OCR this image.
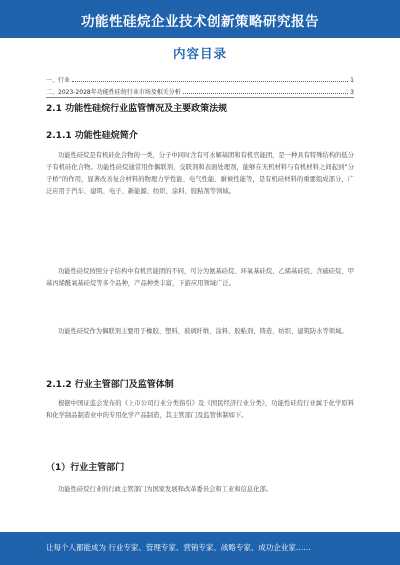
功能性硅烷企业技术创新策略研究报告
内容目录
一、行业	1
二、2023-2028年功能性硅烷行业市场及相关分析	3
2.1 功能性硅烷行业监管情况及主要政策法规
2.1.1 功能性硅烷简介
功能性硅烷是有机硅化合物的一类，分子中同时含有可水解基团和有机官能团，是一种具有特殊结构的低分子有机硅化合物。功能性硅烷通常用作偶联剂、交联剂和表面处理剂，能够在无机材料与有机材料之间起到“分子桥”的作用，显著改善复合材料的物理力学性能、电气性能、耐候性能等，是有机硅材料的重要组成部分，广泛应用于汽车、建筑、电子、新能源、纺织、涂料、胶粘剂等领域。
功能性硅烷按照分子结构中有机官能团的不同，可分为氨基硅烷、环氧基硅烷、乙烯基硅烷、含硫硅烷、甲基丙烯酰氧基硅烷等多个品种，产品种类丰富，下游应用领域广泛。
功能性硅烷作为偶联剂主要用于橡胶、塑料、玻璃纤维、涂料、胶粘剂、铸造、纺织、建筑防水等领域。
2.1.2 行业主管部门及监管体制
根据中国证监会发布的《上市公司行业分类指引》及《国民经济行业分类》，功能性硅烷行业属于化学原料和化学制品制造业中的专用化学产品制造，其主管部门及监管体制如下。
（1）行业主管部门
功能性硅烷行业的行政主管部门为国家发展和改革委员会和工业和信息化部。
让每个人都能成为 行业专家、管理专家、营销专家、战略专家、成功企业家……
